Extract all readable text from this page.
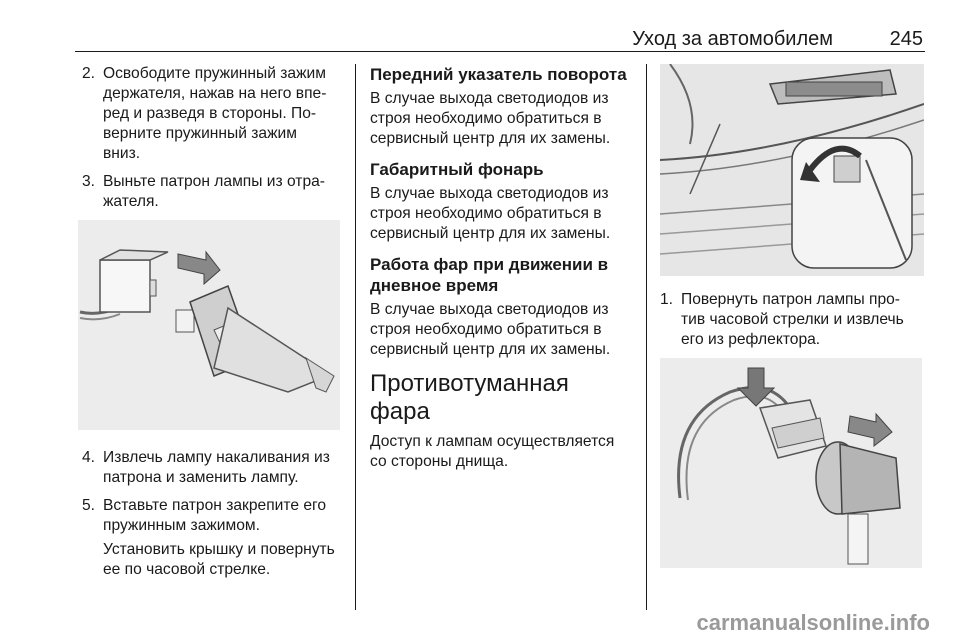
Уход за автомобилем	245
2. Освободите пружинный зажим
держателя, нажав на него впе-
ред и разведя в стороны. По-
верните пружинный зажим
вниз.
3. Выньте патрон лампы из отра-
жателя.
4. Извлечь лампу накаливания из
патрона и заменить лампу.
5. Вставьте патрон закрепите его
пружинным зажимом.
Установить крышку и повернуть
ее по часовой стрелке.
Передний указатель поворота
В случае выхода светодиодов из
строя необходимо обратиться в
сервисный центр для их замены.
Габаритный фонарь
В случае выхода светодиодов из
строя необходимо обратиться в
сервисный центр для их замены.
Работа фар при движении в
дневное время
В случае выхода светодиодов из
строя необходимо обратиться в
сервисный центр для их замены.
Противотуманная фара
Доступ к лампам осуществляется
со стороны днища.
1. Повернуть патрон лампы про-
тив часовой стрелки и извлечь
его из рефлектора.
carmanualsonline.info
